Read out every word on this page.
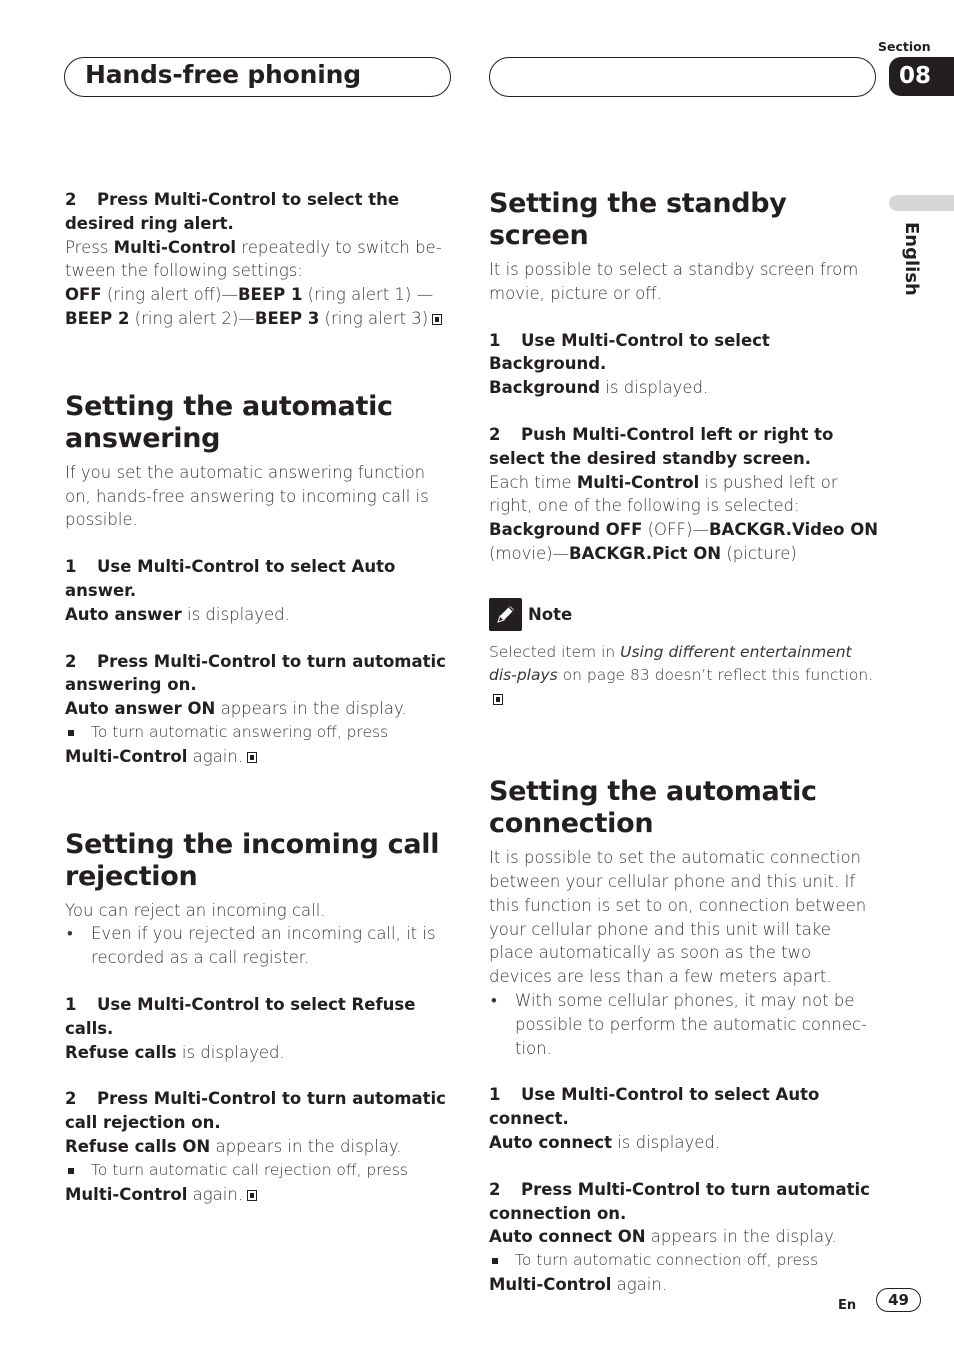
Hands-free phoning
Section
08
English

2 Press Multi-Control to select the desired ring alert.

Press Multi-Control repeatedly to switch be-tween the following settings:

OFF (ring alert off)—BEEP 1 (ring alert 1) —BEEP 2 (ring alert 2)—BEEP 3 (ring alert 3)

Setting the automatic answering

If you set the automatic answering function on, hands-free answering to incoming call is possible.

1 Use Multi-Control to select Auto answer.

Auto answer is displayed.

2 Press Multi-Control to turn automatic answering on.

Auto answer ON appears in the display.

To turn automatic answering off, press

Multi-Control again.

Setting the incoming call rejection

You can reject an incoming call.

• Even if you rejected an incoming call, it is recorded as a call register.

1 Use Multi-Control to select Refuse calls.

Refuse calls is displayed.

2 Press Multi-Control to turn automatic call rejection on.

Refuse calls ON appears in the display.

To turn automatic call rejection off, press

Multi-Control again.

Setting the standby screen

It is possible to select a standby screen from movie, picture or off.

1 Use Multi-Control to select Background.

Background is displayed.

2 Push Multi-Control left or right to select the desired standby screen.

Each time Multi-Control is pushed left or right, one of the following is selected:

Background OFF (OFF)—BACKGR.Video ON
(movie)—BACKGR.Pict ON (picture)

Note

Selected item in Using different entertainment dis-plays on page 83 doesn’t reflect this function.

Setting the automatic connection

It is possible to set the automatic connection between your cellular phone and this unit. If this function is set to on, connection between your cellular phone and this unit will take place automatically as soon as the two devices are less than a few meters apart.

• With some cellular phones, it may not be possible to perform the automatic connec-tion.

1 Use Multi-Control to select Auto connect.

Auto connect is displayed.

2 Press Multi-Control to turn automatic connection on.

Auto connect ON appears in the display.

To turn automatic connection off, press

Multi-Control again.

En	49
